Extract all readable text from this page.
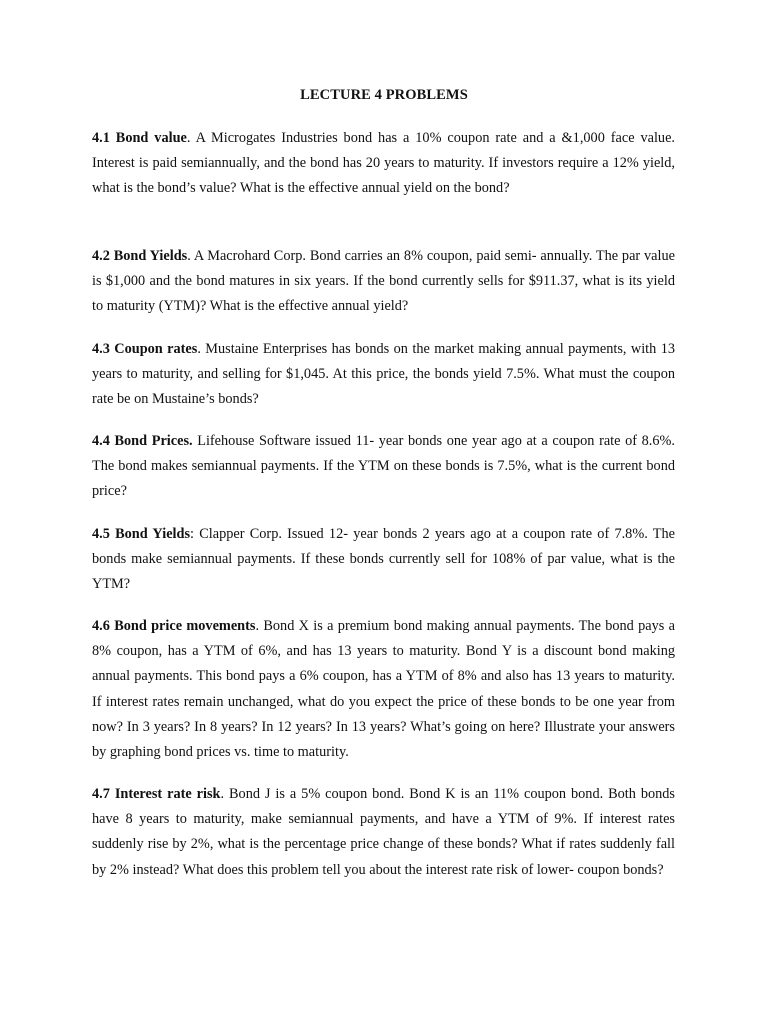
LECTURE 4 PROBLEMS
4.1 Bond value. A Microgates Industries bond has a 10% coupon rate and a &1,000 face value. Interest is paid semiannually, and the bond has 20 years to maturity. If investors require a 12% yield, what is the bond’s value? What is the effective annual yield on the bond?
4.2 Bond Yields. A Macrohard Corp. Bond carries an 8% coupon, paid semi- annually. The par value is $1,000 and the bond matures in six years. If the bond currently sells for $911.37, what is its yield to maturity (YTM)? What is the effective annual yield?
4.3 Coupon rates. Mustaine Enterprises has bonds on the market making annual payments, with 13 years to maturity, and selling for $1,045. At this price, the bonds yield 7.5%. What must the coupon rate be on Mustaine’s bonds?
4.4 Bond Prices. Lifehouse Software issued 11- year bonds one year ago at a coupon rate of 8.6%. The bond makes semiannual payments. If the YTM on these bonds is 7.5%, what is the current bond price?
4.5 Bond Yields: Clapper Corp. Issued 12- year bonds 2 years ago at a coupon rate of 7.8%. The bonds make semiannual payments. If these bonds currently sell for 108% of par value, what is the YTM?
4.6 Bond price movements. Bond X is a premium bond making annual payments. The bond pays a 8% coupon, has a YTM of 6%, and has 13 years to maturity. Bond Y is a discount bond making annual payments. This bond pays a 6% coupon, has a YTM of 8% and also has 13 years to maturity. If interest rates remain unchanged, what do you expect the price of these bonds to be one year from now? In 3 years? In 8 years? In 12 years? In 13 years? What’s going on here? Illustrate your answers by graphing bond prices vs. time to maturity.
4.7 Interest rate risk. Bond J is a 5% coupon bond. Bond K is an 11% coupon bond. Both bonds have 8 years to maturity, make semiannual payments, and have a YTM of 9%. If interest rates suddenly rise by 2%, what is the percentage price change of these bonds? What if rates suddenly fall by 2% instead? What does this problem tell you about the interest rate risk of lower- coupon bonds?
